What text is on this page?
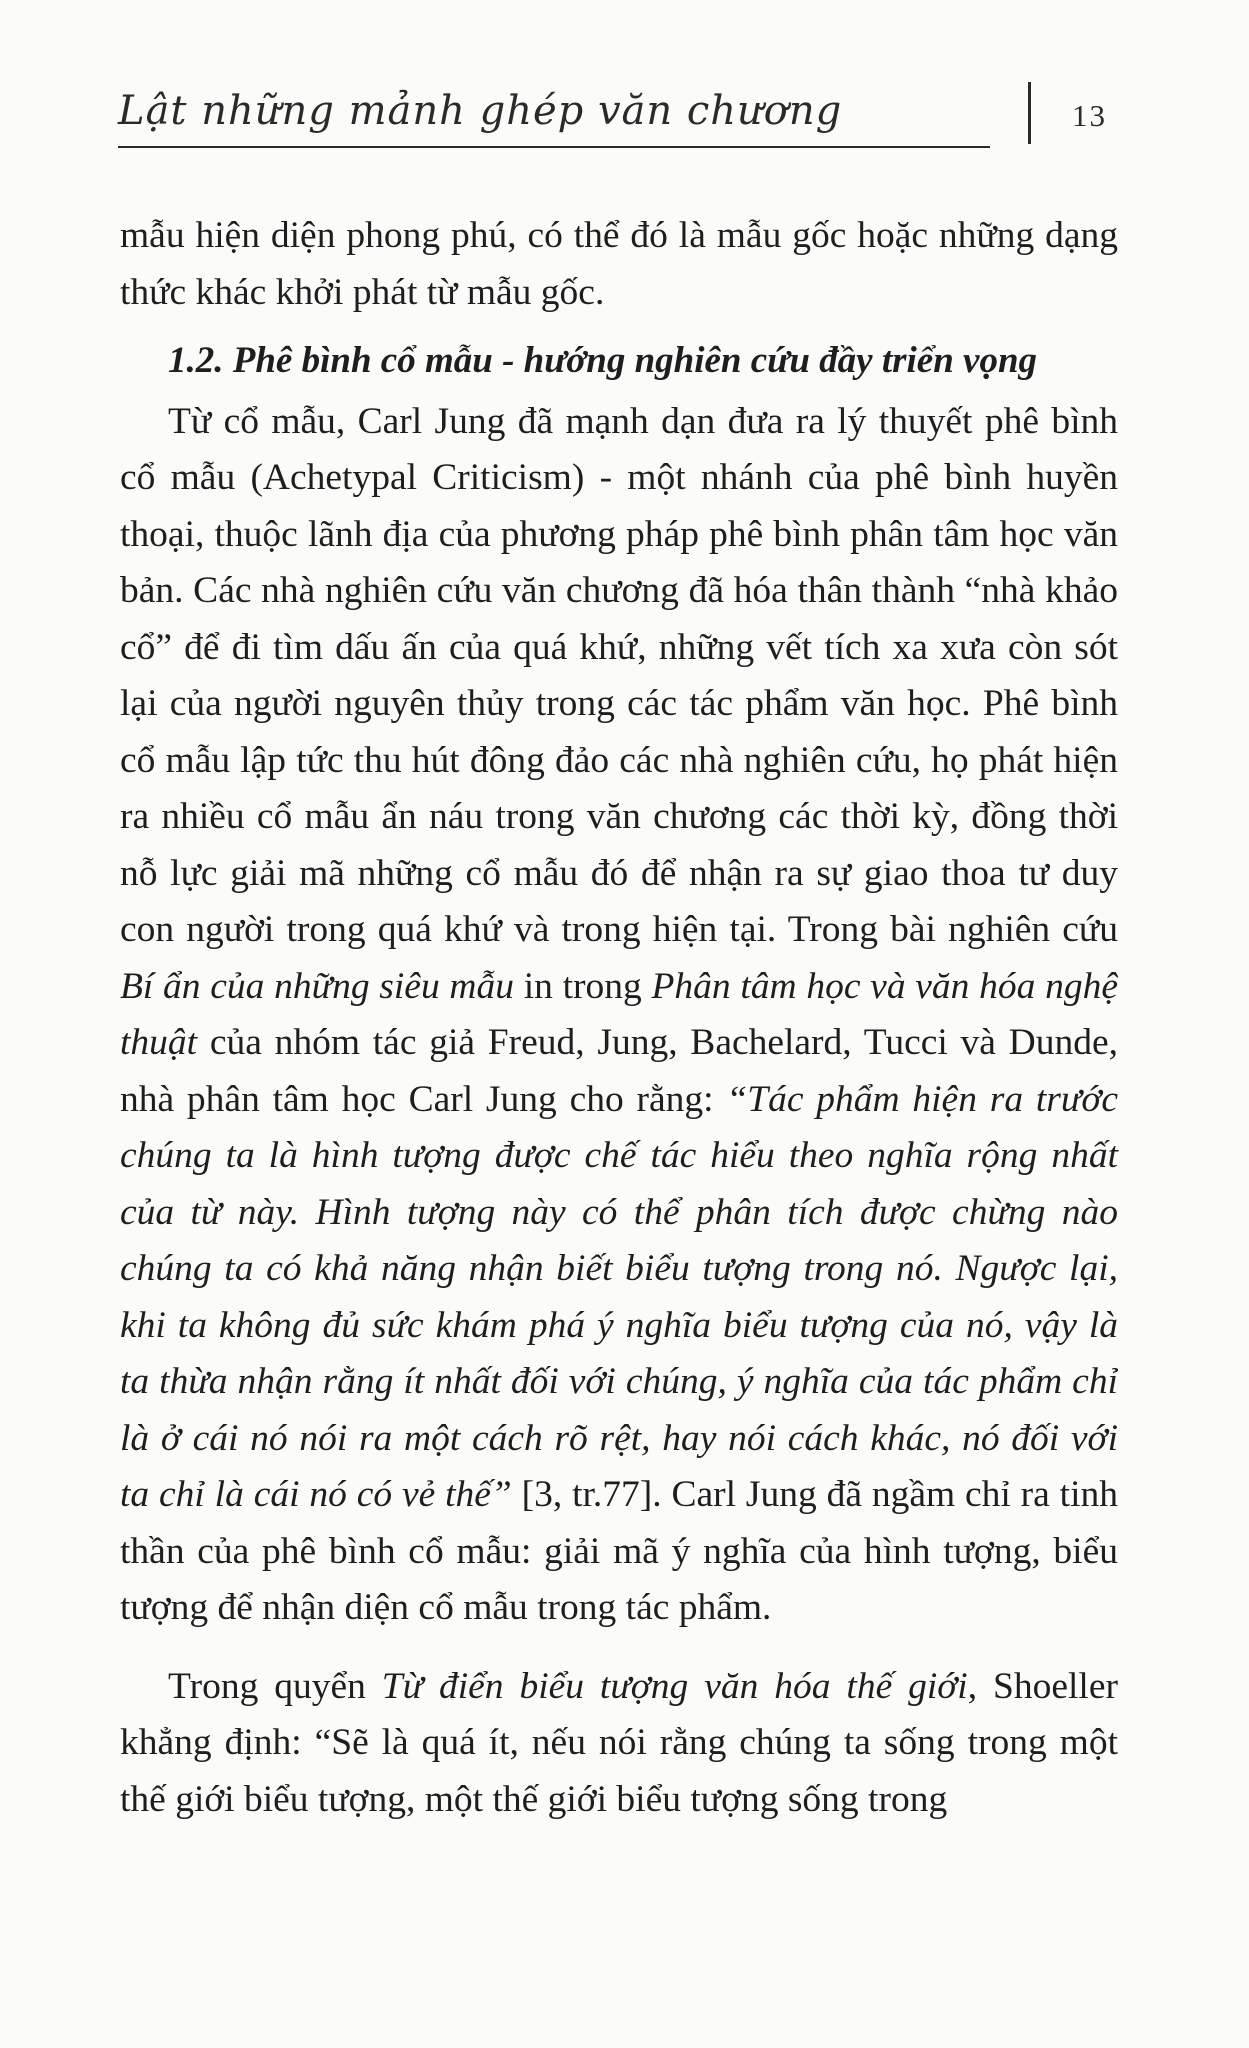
Lật những mảnh ghép văn chương	13

mẫu hiện diện phong phú, có thể đó là mẫu gốc hoặc những dạng thức khác khởi phát từ mẫu gốc.

1.2. Phê bình cổ mẫu - hướng nghiên cứu đầy triển vọng

Từ cổ mẫu, Carl Jung đã mạnh dạn đưa ra lý thuyết phê bình cổ mẫu (Achetypal Criticism) - một nhánh của phê bình huyền thoại, thuộc lãnh địa của phương pháp phê bình phân tâm học văn bản. Các nhà nghiên cứu văn chương đã hóa thân thành “nhà khảo cổ” để đi tìm dấu ấn của quá khứ, những vết tích xa xưa còn sót lại của người nguyên thủy trong các tác phẩm văn học. Phê bình cổ mẫu lập tức thu hút đông đảo các nhà nghiên cứu, họ phát hiện ra nhiều cổ mẫu ẩn náu trong văn chương các thời kỳ, đồng thời nỗ lực giải mã những cổ mẫu đó để nhận ra sự giao thoa tư duy con người trong quá khứ và trong hiện tại. Trong bài nghiên cứu Bí ẩn của những siêu mẫu in trong Phân tâm học và văn hóa nghệ thuật của nhóm tác giả Freud, Jung, Bachelard, Tucci và Dunde, nhà phân tâm học Carl Jung cho rằng: “Tác phẩm hiện ra trước chúng ta là hình tượng được chế tác hiểu theo nghĩa rộng nhất của từ này. Hình tượng này có thể phân tích được chừng nào chúng ta có khả năng nhận biết biểu tượng trong nó. Ngược lại, khi ta không đủ sức khám phá ý nghĩa biểu tượng của nó, vậy là ta thừa nhận rằng ít nhất đối với chúng, ý nghĩa của tác phẩm chỉ là ở cái nó nói ra một cách rõ rệt, hay nói cách khác, nó đối với ta chỉ là cái nó có vẻ thế” [3, tr.77]. Carl Jung đã ngầm chỉ ra tinh thần của phê bình cổ mẫu: giải mã ý nghĩa của hình tượng, biểu tượng để nhận diện cổ mẫu trong tác phẩm.

Trong quyển Từ điển biểu tượng văn hóa thế giới, Shoeller khẳng định: “Sẽ là quá ít, nếu nói rằng chúng ta sống trong một thế giới biểu tượng, một thế giới biểu tượng sống trong
